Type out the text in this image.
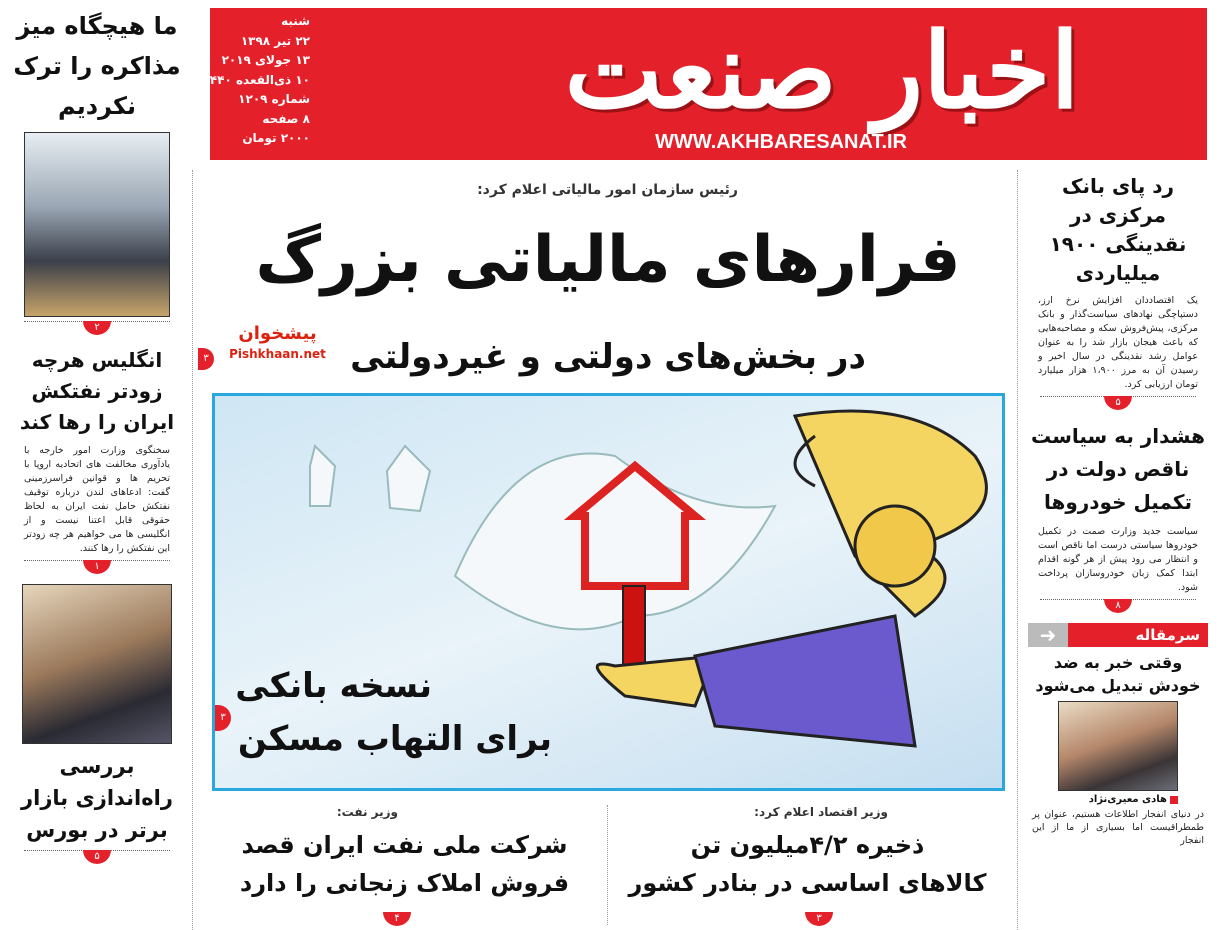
اخبار صنعت
WWW.AKHBARESANAT.IR
شنبه
۲۲ تیر ۱۳۹۸
۱۳ جولای ۲۰۱۹
۱۰ ذی‌القعده ۱۴۴۰
شماره ۱۲۰۹
۸ صفحه
۲۰۰۰ تومان
ما هیچگاه میز مذاکره را ترک نکردیم
۲
انگلیس هرچه زودتر نفتکش ایران را رها کند
سخنگوی وزارت امور خارجه با یادآوری مخالفت های اتحادیه اروپا با تحریم ها و قوانین فراسرزمینی گفت: ادعاهای لندن درباره توقیف نفتکش حامل نفت ایران به لحاظ حقوقی قابل اعتنا نیست و از انگلیسی ها می خواهیم هر چه زودتر این نفتکش را رها کنند.
۱
بررسی راه‌اندازی بازار برتر در بورس
۵
رئیس سازمان امور مالیاتی اعلام کرد:
فرارهای مالیاتی بزرگ
در بخش‌های دولتی و غیردولتی
پیشخوان
Pishkhaan.net
۳
نسخه بانکی
برای التهاب مسکن
۳
وزیر اقتصاد اعلام کرد:
ذخیره ۴/۲میلیون تن
کالاهای اساسی در بنادر کشور
۳
وزیر نفت:
شرکت ملی نفت ایران قصد
فروش املاک زنجانی را دارد
۴
رد پای بانک مرکزی در نقدینگی ۱۹۰۰ میلیاردی
یک اقتصاددان افزایش نرخ ارز، دستپاچگی نهادهای سیاست‌گذار و بانک مرکزی، پیش‌فروش سکه و مصاحبه‌هایی که باعث هیجان بازار شد را به عنوان عوامل رشد نقدینگی در سال اخیر و رسیدن آن به مرز ۱،۹۰۰ هزار میلیارد تومان ارزیابی کرد.
۵
هشدار به سیاست ناقص دولت در تکمیل خودروها
سیاست جدید وزارت صمت در تکمیل خودروها سیاستی درست اما ناقص است و انتظار می رود پیش از هر گونه اقدام ابتدا کمک زبان خودروسازان پرداخت شود.
۸
سرمقاله
➜
وقتی خبر به ضد خودش تبدیل می‌شود
هادی معیری‌نژاد
در دنیای انفجار اطلاعات هستیم، عنوان پر طمطراقیست اما بسیاری از ما از این انفجار
